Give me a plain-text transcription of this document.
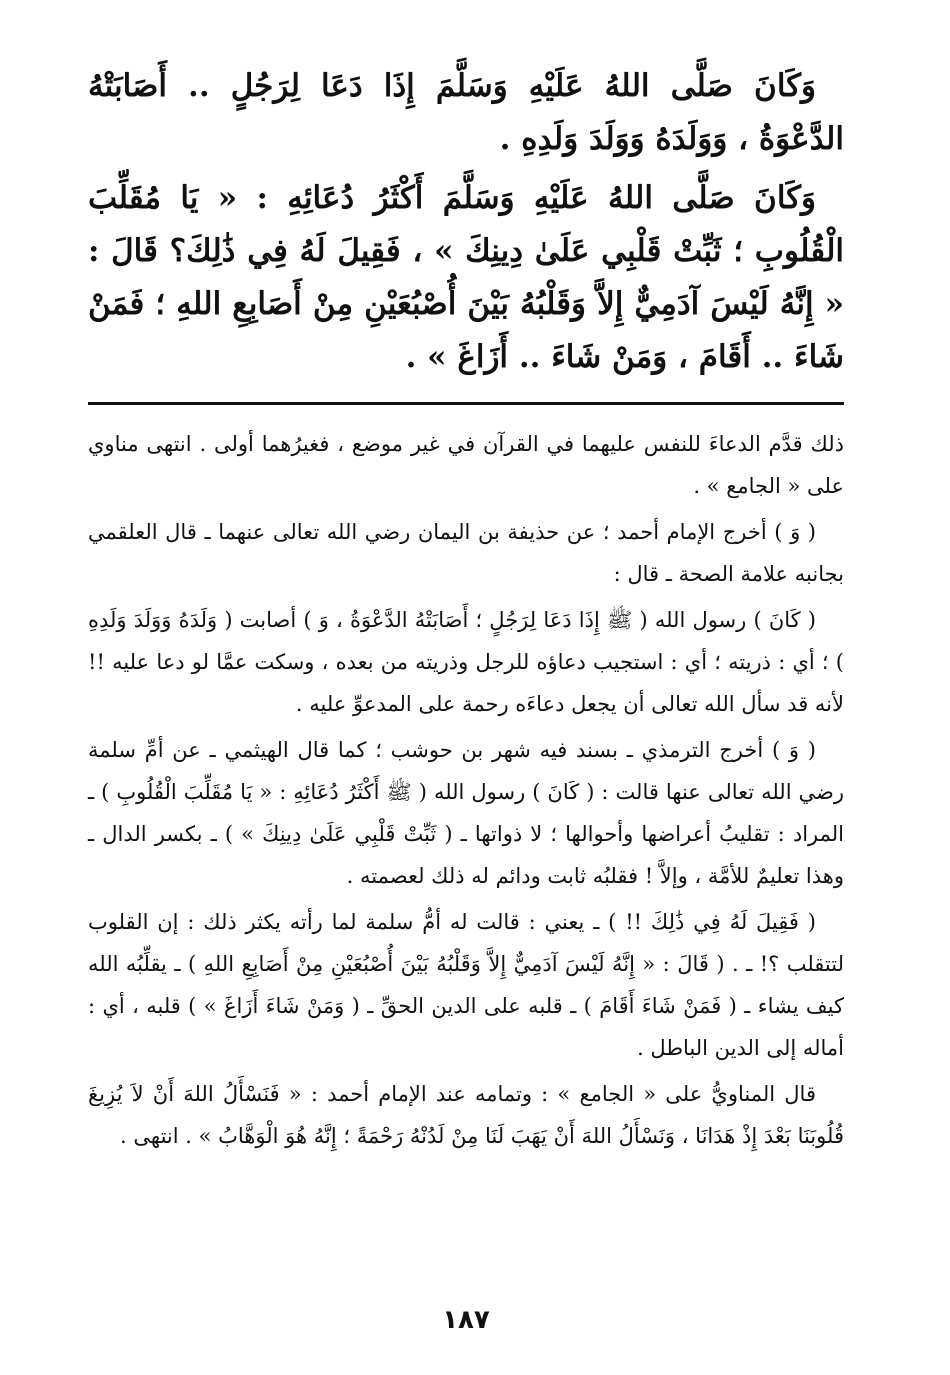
وَكَانَ صَلَّى اللهُ عَلَيْهِ وَسَلَّمَ إِذَا دَعَا لِرَجُلٍ .. أَصَابَتْهُ الدَّعْوَةُ ، وَوَلَدَهُ وَوَلَدَ وَلَدِهِ .

وَكَانَ صَلَّى اللهُ عَلَيْهِ وَسَلَّمَ أَكْثَرُ دُعَائِهِ : « يَا مُقَلِّبَ الْقُلُوبِ ؛ ثَبِّتْ قَلْبِي عَلَىٰ دِينِكَ » ، فَقِيلَ لَهُ فِي ذَٰلِكَ؟ قَالَ : « إِنَّهُ لَيْسَ آدَمِيٌّ إِلاَّ وَقَلْبُهُ بَيْنَ أُصْبُعَيْنِ مِنْ أَصَابِعِ اللهِ ؛ فَمَنْ شَاءَ .. أَقَامَ ، وَمَنْ شَاءَ .. أَزَاغَ » .

ذلك قدَّم الدعاءَ للنفس عليهما في القرآن في غير موضع ، فغيرُهما أولى . انتهى مناوي على « الجامع » .

( وَ ) أخرج الإمام أحمد ؛ عن حذيفة بن اليمان رضي الله تعالى عنهما ـ قال العلقمي بجانبه علامة الصحة ـ قال :

( كَانَ ) رسول الله ( ﷺ إِذَا دَعَا لِرَجُلٍ ؛ أَصَابَتْهُ الدَّعْوَةُ ، وَ ) أصابت ( وَلَدَهُ وَوَلَدَ وَلَدِهِ ) ؛ أي : ذريته ؛ أي : استجيب دعاؤه للرجل وذريته من بعده ، وسكت عمَّا لو دعا عليه !! لأنه قد سأل الله تعالى أن يجعل دعاءَه رحمة على المدعوِّ عليه .

( وَ ) أخرج الترمذي ـ بسند فيه شهر بن حوشب ؛ كما قال الهيثمي ـ عن أمِّ سلمة رضي الله تعالى عنها قالت : ( كَانَ ) رسول الله ( ﷺ أَكْثَرُ دُعَائِهِ : « يَا مُقَلِّبَ الْقُلُوبِ ) ـ المراد : تقليبُ أعراضها وأحوالها ؛ لا ذواتها ـ ( ثَبِّتْ قَلْبِي عَلَىٰ دِينِكَ » ) ـ بكسر الدال ـ وهذا تعليمٌ للأمَّة ، وإلاَّ ! فقلبُه ثابت ودائم له ذلك لعصمته .

( فَقِيلَ لَهُ فِي ذَٰلِكَ !! ) ـ يعني : قالت له أمُّ سلمة لما رأته يكثر ذلك : إن القلوب لتتقلب ؟! ـ . ( قَالَ : « إِنَّهُ لَيْسَ آدَمِيٌّ إِلاَّ وَقَلْبُهُ بَيْنَ أُصْبُعَيْنِ مِنْ أَصَابِعِ اللهِ ) ـ يقلِّبُه الله كيف يشاء ـ ( فَمَنْ شَاءَ أَقَامَ ) ـ قلبه على الدين الحقِّ ـ ( وَمَنْ شَاءَ أَزَاغَ » ) قلبه ، أي : أماله إلى الدين الباطل .

قال المناويُّ على « الجامع » : وتمامه عند الإمام أحمد : « فَنَسْأَلُ اللهَ أَنْ لاَ يُزِيغَ قُلُوبَنَا بَعْدَ إِذْ هَدَانَا ، وَنَسْأَلُ اللهَ أَنْ يَهَبَ لَنَا مِنْ لَدُنْهُ رَحْمَةً ؛ إِنَّهُ هُوَ الْوَهَّابُ » . انتهى .

١٨٧
